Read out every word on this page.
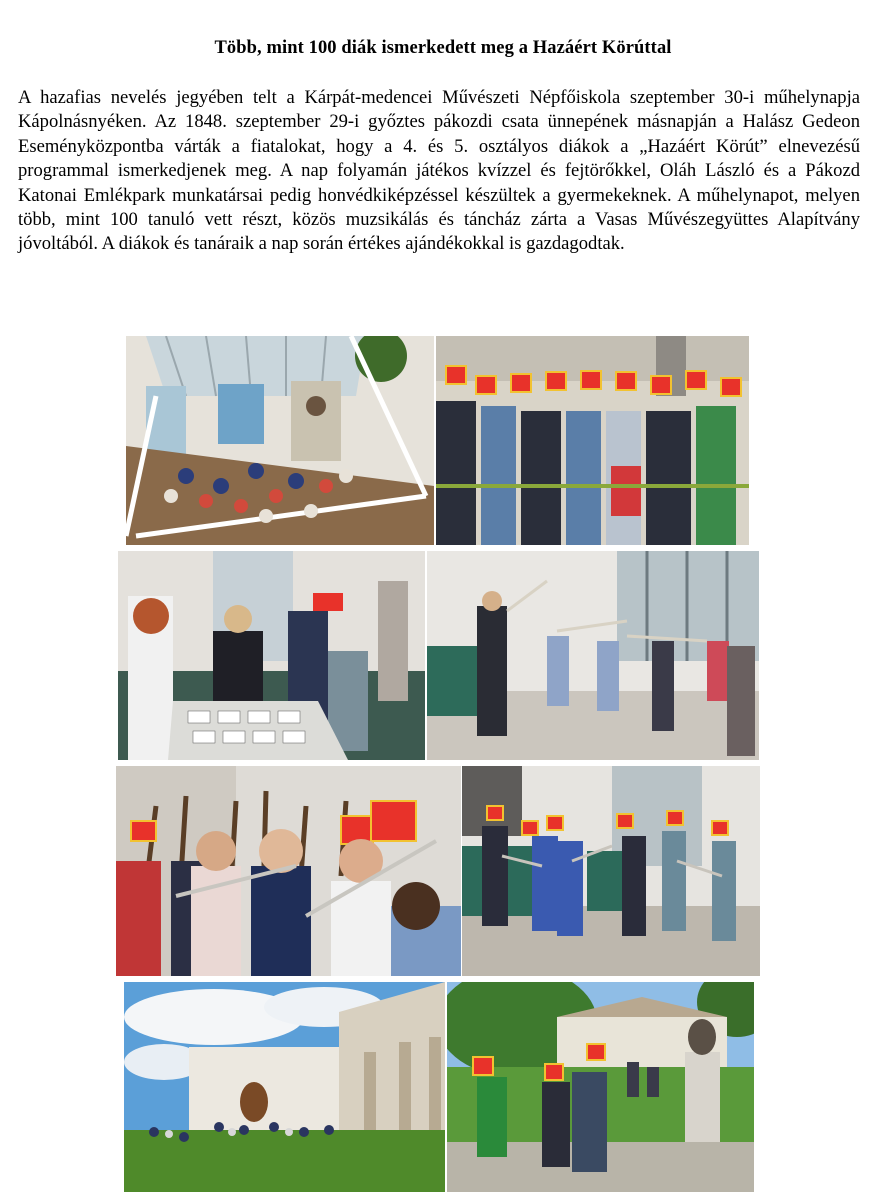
Több, mint 100 diák ismerkedett meg a Hazáért Körúttal
A hazafias nevelés jegyében telt a Kárpát-medencei Művészeti Népfőiskola szeptember 30-i műhelynapja Kápolnásnyéken. Az 1848. szeptember 29-i győztes pákozdi csata ünnepének másnapján a Halász Gedeon Eseményközpontba várták a fiatalokat, hogy a 4. és 5. osztályos diákok a „Hazáért Körút” elnevezésű programmal ismerkedjenek meg. A nap folyamán játékos kvízzel és fejtörőkkel, Oláh László és a Pákozd Katonai Emlékpark munkatársai pedig honvédkiképzéssel készültek a gyermekeknek. A műhelynapot, melyen több, mint 100 tanuló vett részt, közös muzsikálás és táncház zárta a Vasas Művészegyüttes Alapítvány jóvoltából. A diákok és tanáraik a nap során értékes ajándékokkal is gazdagodtak.
